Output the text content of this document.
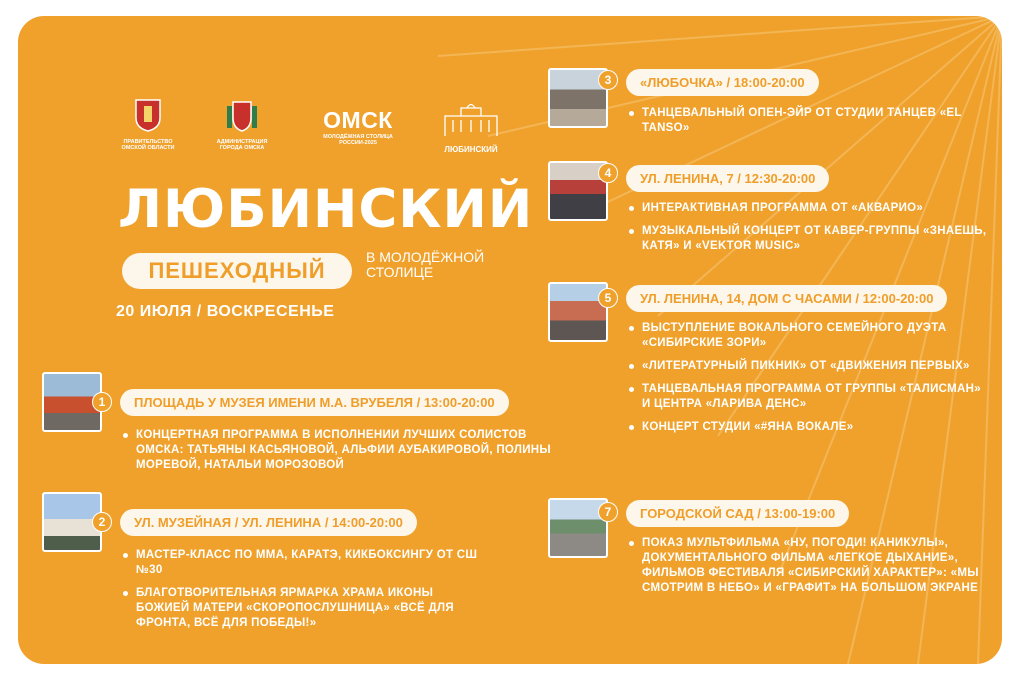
ПРАВИТЕЛЬСТВО ОМСКОЙ ОБЛАСТИ
АДМИНИСТРАЦИЯ ГОРОДА ОМСКА
ОМСК
МОЛОДЁЖНАЯ СТОЛИЦА РОССИИ-2025
ЛЮБИНСКИЙ
ЛЮБИНСКИЙ
ПЕШЕХОДНЫЙ
В МОЛОДЁЖНОЙ
СТОЛИЦЕ
20 ИЮЛЯ / ВОСКРЕСЕНЬЕ
1	ПЛОЩАДЬ У МУЗЕЯ ИМЕНИ М.А. ВРУБЕЛЯ / 13:00-20:00
КОНЦЕРТНАЯ ПРОГРАММА В ИСПОЛНЕНИИ ЛУЧШИХ СОЛИСТОВ ОМСКА: ТАТЬЯНЫ КАСЬЯНОВОЙ, АЛЬФИИ АУБАКИРОВОЙ, ПОЛИНЫ МОРЕВОЙ, НАТАЛЬИ МОРОЗОВОЙ
2	УЛ. МУЗЕЙНАЯ / УЛ. ЛЕНИНА / 14:00-20:00
МАСТЕР-КЛАСС ПО ММА, КАРАТЭ, КИКБОКСИНГУ ОТ СШ №30
БЛАГОТВОРИТЕЛЬНАЯ ЯРМАРКА ХРАМА ИКОНЫ БОЖИЕЙ МАТЕРИ «СКОРОПОСЛУШНИЦА» «ВСЁ ДЛЯ ФРОНТА, ВСЁ ДЛЯ ПОБЕДЫ!»
3	«ЛЮБОЧКА» / 18:00-20:00
ТАНЦЕВАЛЬНЫЙ ОПЕН-ЭЙР ОТ СТУДИИ ТАНЦЕВ «EL TANSO»
4	УЛ. ЛЕНИНА, 7 / 12:30-20:00
ИНТЕРАКТИВНАЯ ПРОГРАММА ОТ «АКВАРИО»
МУЗЫКАЛЬНЫЙ КОНЦЕРТ ОТ КАВЕР-ГРУППЫ «ЗНАЕШЬ, КАТЯ» И «VEKTOR MUSIC»
5	УЛ. ЛЕНИНА, 14, ДОМ С ЧАСАМИ / 12:00-20:00
ВЫСТУПЛЕНИЕ ВОКАЛЬНОГО СЕМЕЙНОГО ДУЭТА «СИБИРСКИЕ ЗОРИ»
«ЛИТЕРАТУРНЫЙ ПИКНИК» ОТ «ДВИЖЕНИЯ ПЕРВЫХ»
ТАНЦЕВАЛЬНАЯ ПРОГРАММА ОТ ГРУППЫ «ТАЛИСМАН» И ЦЕНТРА «ЛАРИВА ДЕНС»
КОНЦЕРТ СТУДИИ «#ЯНА ВОКАЛЕ»
7	ГОРОДСКОЙ САД / 13:00-19:00
ПОКАЗ МУЛЬТФИЛЬМА «НУ, ПОГОДИ! КАНИКУЛЫ», ДОКУМЕНТАЛЬНОГО ФИЛЬМА «ЛЕГКОЕ ДЫХАНИЕ», ФИЛЬМОВ ФЕСТИВАЛЯ «СИБИРСКИЙ ХАРАКТЕР»: «МЫ СМОТРИМ В НЕБО» И «ГРАФИТ» НА БОЛЬШОМ ЭКРАНЕ
